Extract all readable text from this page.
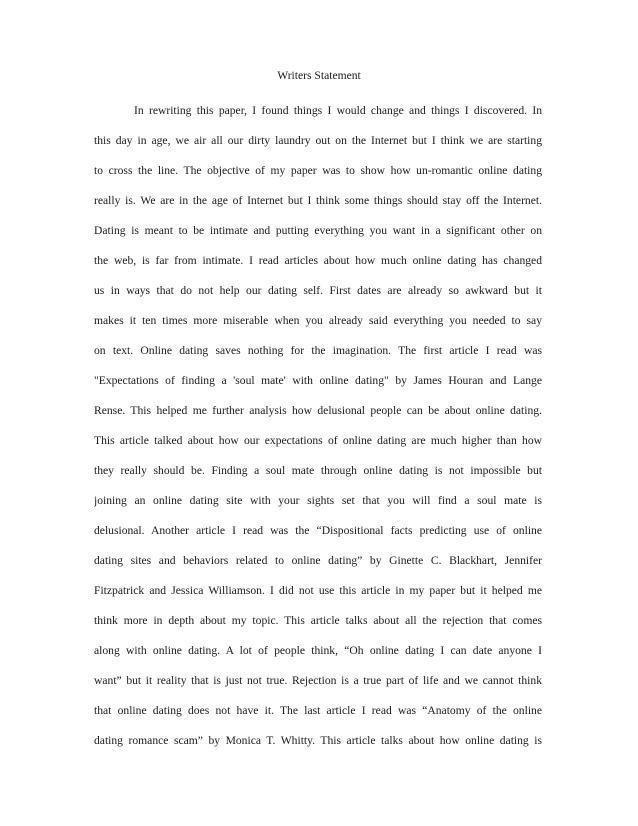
Writers Statement
In rewriting this paper, I found things I would change and things I discovered. In
this day in age, we air all our dirty laundry out on the Internet but I think we are starting
to cross the line. The objective of my paper was to show how un-romantic online dating
really is. We are in the age of Internet but I think some things should stay off the Internet.
Dating is meant to be intimate and putting everything you want in a significant other on
the web, is far from intimate. I read articles about how much online dating has changed
us in ways that do not help our dating self. First dates are already so awkward but it
makes it ten times more miserable when you already said everything you needed to say
on text. Online dating saves nothing for the imagination. The first article I read was
"Expectations of finding a 'soul mate' with online dating" by James Houran and Lange
Rense. This helped me further analysis how delusional people can be about online dating.
This article talked about how our expectations of online dating are much higher than how
they really should be. Finding a soul mate through online dating is not impossible but
joining an online dating site with your sights set that you will find a soul mate is
delusional. Another article I read was the “Dispositional facts predicting use of online
dating sites and behaviors related to online dating” by Ginette C. Blackhart, Jennifer
Fitzpatrick and Jessica Williamson. I did not use this article in my paper but it helped me
think more in depth about my topic. This article talks about all the rejection that comes
along with online dating. A lot of people think, “Oh online dating I can date anyone I
want” but it reality that is just not true. Rejection is a true part of life and we cannot think
that online dating does not have it. The last article I read was “Anatomy of the online
dating romance scam” by Monica T. Whitty. This article talks about how online dating is
